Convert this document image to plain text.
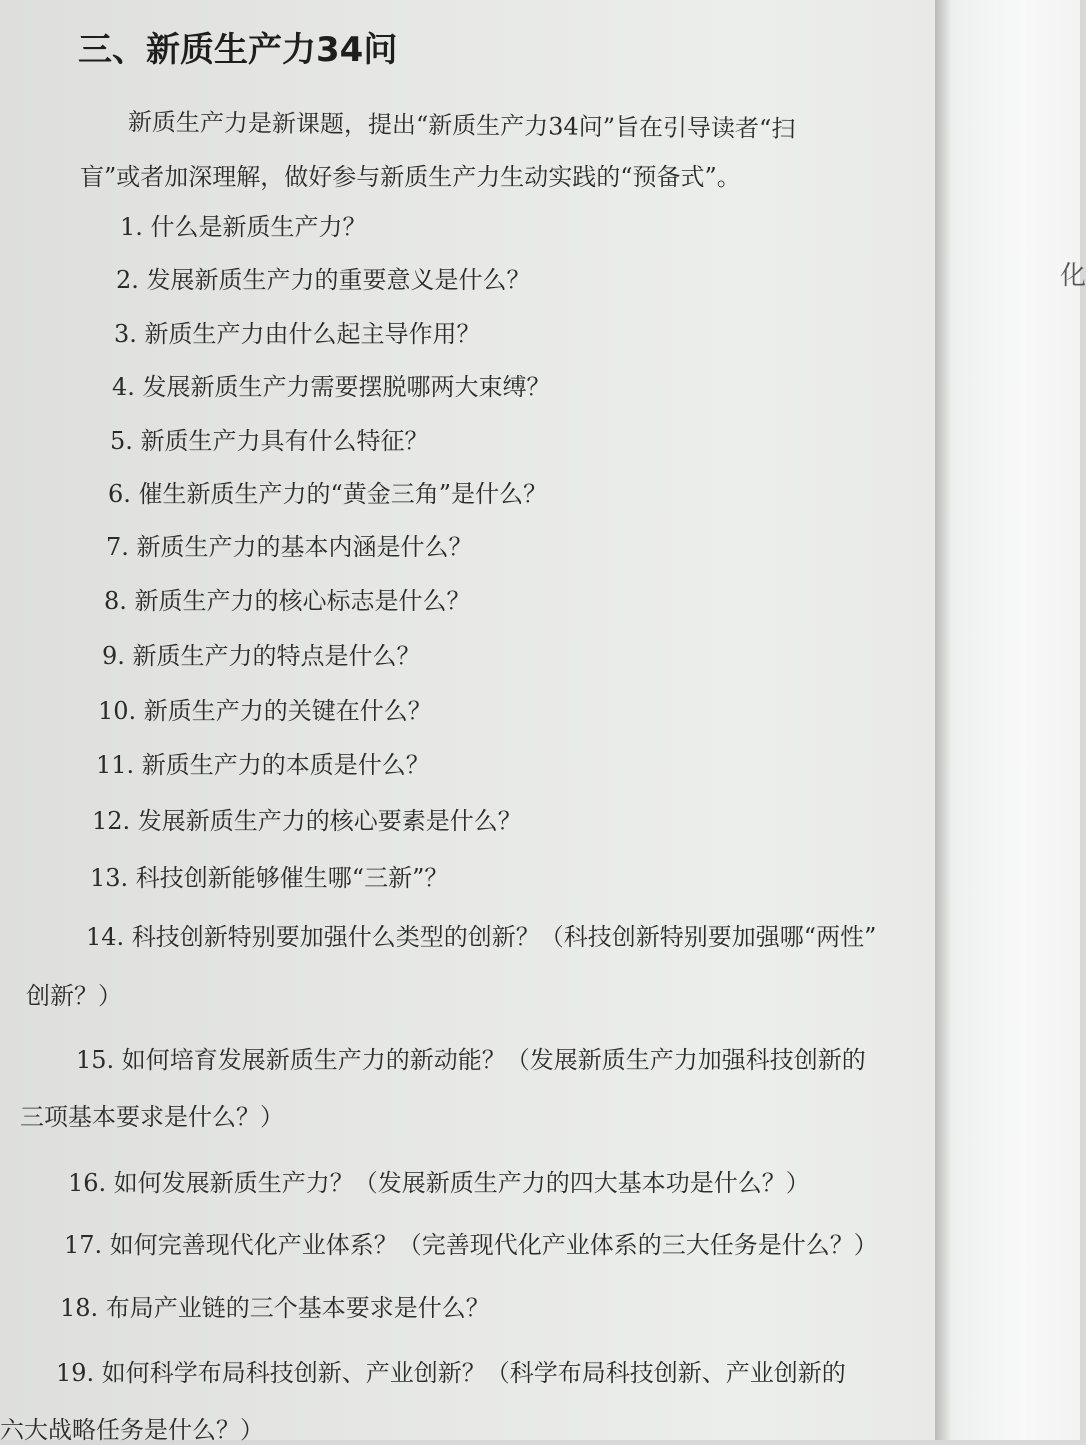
三、新质生产力34问
新质生产力是新课题，提出“新质生产力34问”旨在引导读者“扫
盲”或者加深理解，做好参与新质生产力生动实践的“预备式”。
1. 什么是新质生产力？
2. 发展新质生产力的重要意义是什么？
3. 新质生产力由什么起主导作用？
4. 发展新质生产力需要摆脱哪两大束缚？
5. 新质生产力具有什么特征？
6. 催生新质生产力的“黄金三角”是什么？
7. 新质生产力的基本内涵是什么？
8. 新质生产力的核心标志是什么？
9. 新质生产力的特点是什么？
10. 新质生产力的关键在什么？
11. 新质生产力的本质是什么？
12. 发展新质生产力的核心要素是什么？
13. 科技创新能够催生哪“三新”？
14. 科技创新特别要加强什么类型的创新？（科技创新特别要加强哪“两性”
创新？）
15. 如何培育发展新质生产力的新动能？（发展新质生产力加强科技创新的
三项基本要求是什么？）
16. 如何发展新质生产力？（发展新质生产力的四大基本功是什么？）
17. 如何完善现代化产业体系？（完善现代化产业体系的三大任务是什么？）
18. 布局产业链的三个基本要求是什么？
19. 如何科学布局科技创新、产业创新？（科学布局科技创新、产业创新的
六大战略任务是什么？）
化
